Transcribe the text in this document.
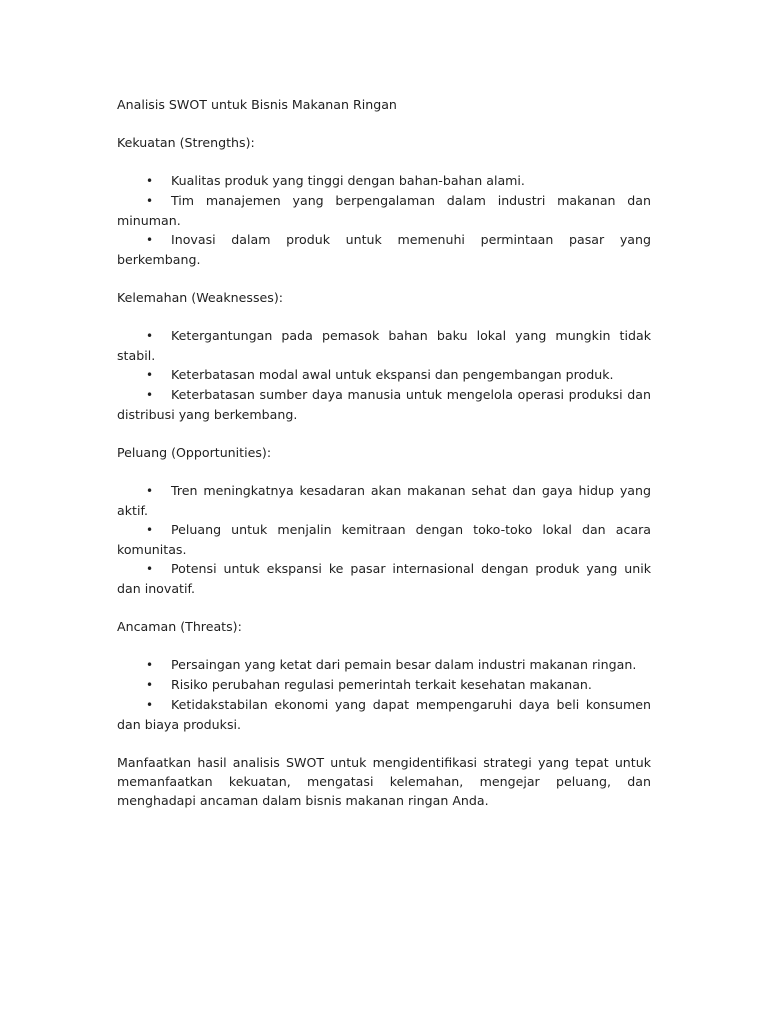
Analisis SWOT untuk Bisnis Makanan Ringan
Kekuatan (Strengths):
• Kualitas produk yang tinggi dengan bahan-bahan alami.
• Tim manajemen yang berpengalaman dalam industri makanan dan minuman.
• Inovasi dalam produk untuk memenuhi permintaan pasar yang berkembang.
Kelemahan (Weaknesses):
• Ketergantungan pada pemasok bahan baku lokal yang mungkin tidak stabil.
• Keterbatasan modal awal untuk ekspansi dan pengembangan produk.
• Keterbatasan sumber daya manusia untuk mengelola operasi produksi dan distribusi yang berkembang.
Peluang (Opportunities):
• Tren meningkatnya kesadaran akan makanan sehat dan gaya hidup yang aktif.
• Peluang untuk menjalin kemitraan dengan toko-toko lokal dan acara komunitas.
• Potensi untuk ekspansi ke pasar internasional dengan produk yang unik dan inovatif.
Ancaman (Threats):
• Persaingan yang ketat dari pemain besar dalam industri makanan ringan.
• Risiko perubahan regulasi pemerintah terkait kesehatan makanan.
• Ketidakstabilan ekonomi yang dapat mempengaruhi daya beli konsumen dan biaya produksi.

Manfaatkan hasil analisis SWOT untuk mengidentifikasi strategi yang tepat untuk memanfaatkan kekuatan, mengatasi kelemahan, mengejar peluang, dan menghadapi ancaman dalam bisnis makanan ringan Anda.
